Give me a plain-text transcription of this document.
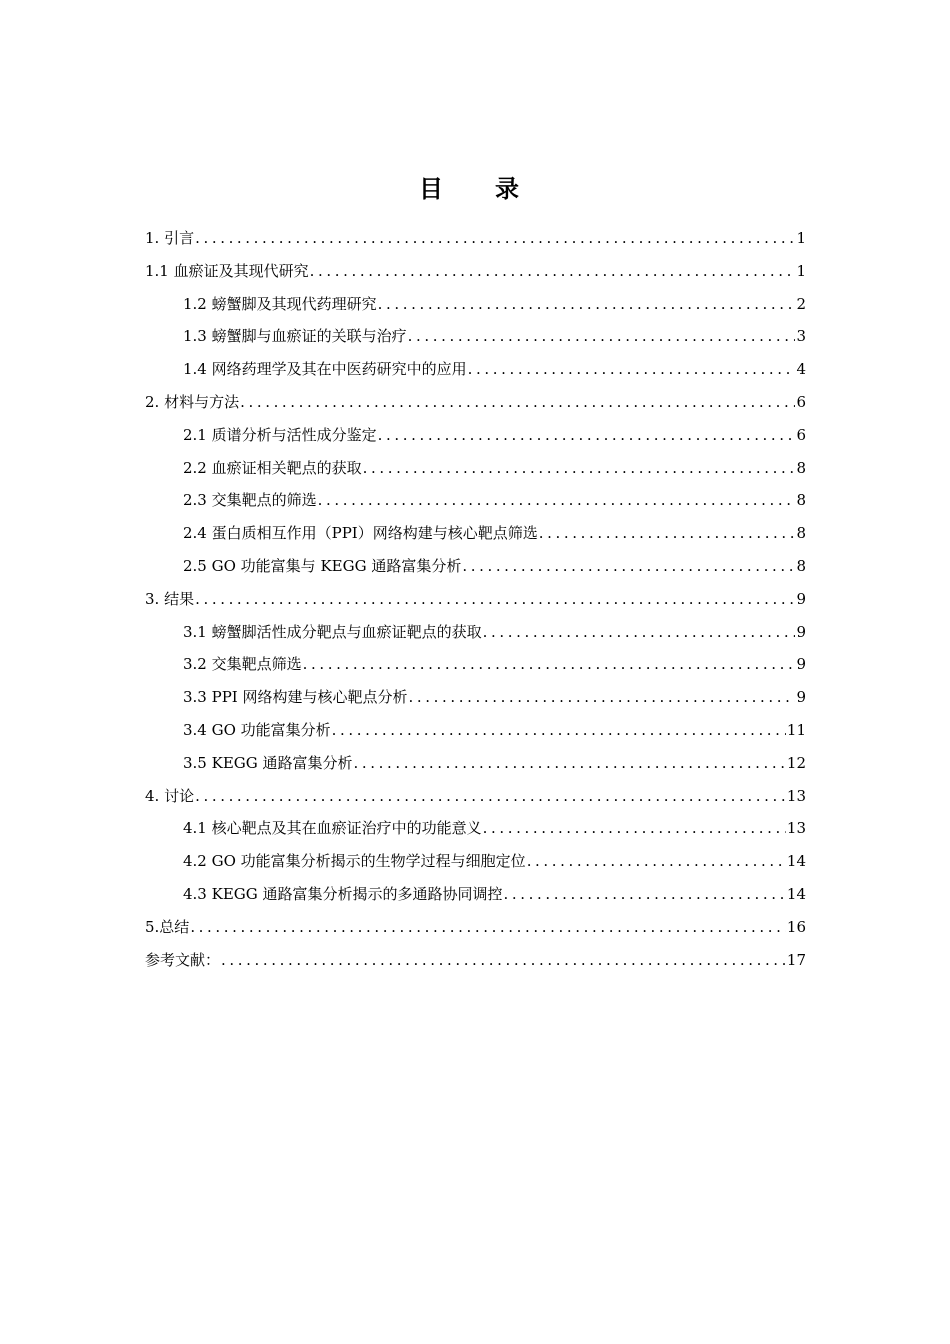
目录
1. 引言 .....	1
1.1 血瘀证及其现代研究 .....	1
1.2 螃蟹脚及其现代药理研究 .....	2
1.3 螃蟹脚与血瘀证的关联与治疗 .....	3
1.4 网络药理学及其在中医药研究中的应用 .....	4
2. 材料与方法 .....	6
2.1 质谱分析与活性成分鉴定 .....	6
2.2 血瘀证相关靶点的获取 .....	8
2.3 交集靶点的筛选 .....	8
2.4 蛋白质相互作用（PPI）网络构建与核心靶点筛选 .....	8
2.5 GO 功能富集与 KEGG 通路富集分析 .....	8
3. 结果 .....	9
3.1 螃蟹脚活性成分靶点与血瘀证靶点的获取 .....	9
3.2 交集靶点筛选 .....	9
3.3 PPI 网络构建与核心靶点分析 .....	9
3.4 GO 功能富集分析 .....	11
3.5 KEGG 通路富集分析 .....	12
4. 讨论 .....	13
4.1 核心靶点及其在血瘀证治疗中的功能意义 .....	13
4.2 GO 功能富集分析揭示的生物学过程与细胞定位 .....	14
4.3 KEGG 通路富集分析揭示的多通路协同调控 .....	14
5.总结 .....	16
参考文献： .....	17
